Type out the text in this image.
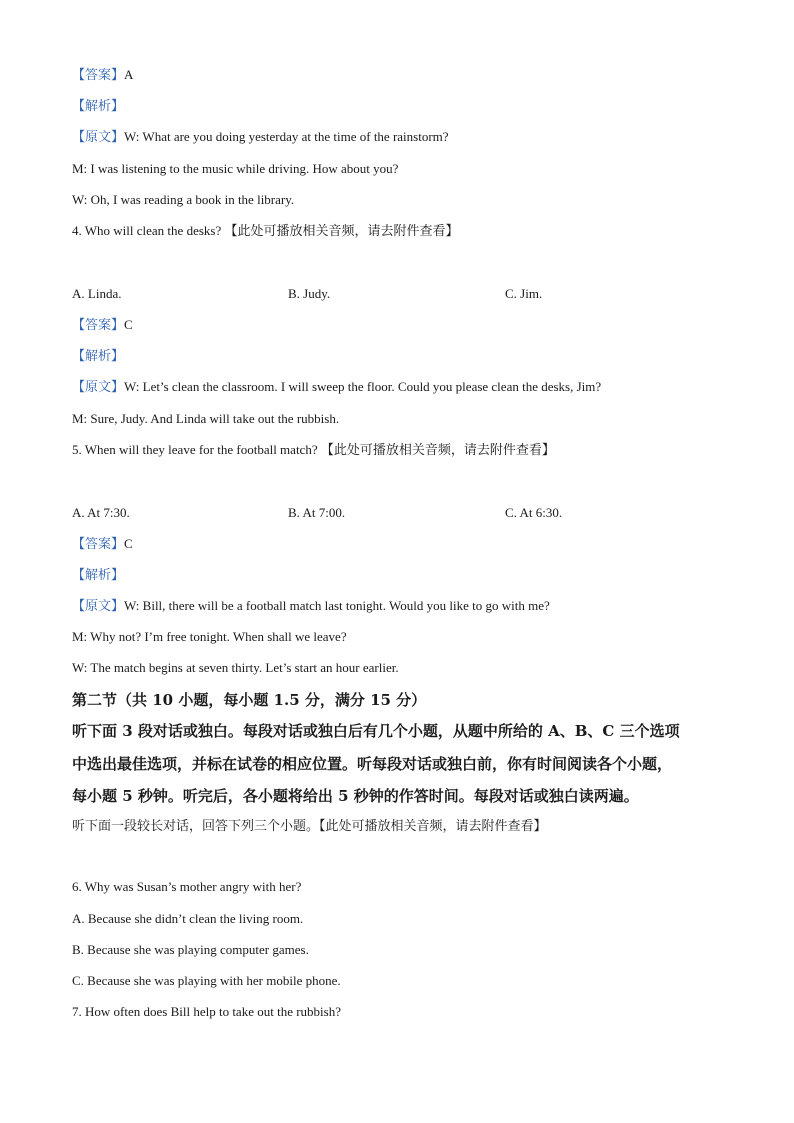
【答案】A
【解析】
【原文】W: What are you doing yesterday at the time of the rainstorm?
M: I was listening to the music while driving. How about you?
W: Oh, I was reading a book in the library.
4. Who will clean the desks? 【此处可播放相关音频，请去附件查看】
A. Linda.	B. Judy.	C. Jim.
【答案】C
【解析】
【原文】W: Let’s clean the classroom. I will sweep the floor. Could you please clean the desks, Jim?
M: Sure, Judy. And Linda will take out the rubbish.
5. When will they leave for the football match? 【此处可播放相关音频，请去附件查看】
A. At 7:30.	B. At 7:00.	C. At 6:30.
【答案】C
【解析】
【原文】W: Bill, there will be a football match last tonight. Would you like to go with me?
M: Why not? I’m free tonight. When shall we leave?
W: The match begins at seven thirty. Let’s start an hour earlier.
第二节（共 10 小题，每小题 1.5 分，满分 15 分）
听下面 3 段对话或独白。每段对话或独白后有几个小题，从题中所给的 A、B、C 三个选项
中选出最佳选项，并标在试卷的相应位置。听每段对话或独白前，你有时间阅读各个小题，
每小题 5 秒钟。听完后，各小题将给出 5 秒钟的作答时间。每段对话或独白读两遍。
听下面一段较长对话，回答下列三个小题。【此处可播放相关音频，请去附件查看】
6. Why was Susan’s mother angry with her?
A. Because she didn’t clean the living room.
B. Because she was playing computer games.
C. Because she was playing with her mobile phone.
7. How often does Bill help to take out the rubbish?
